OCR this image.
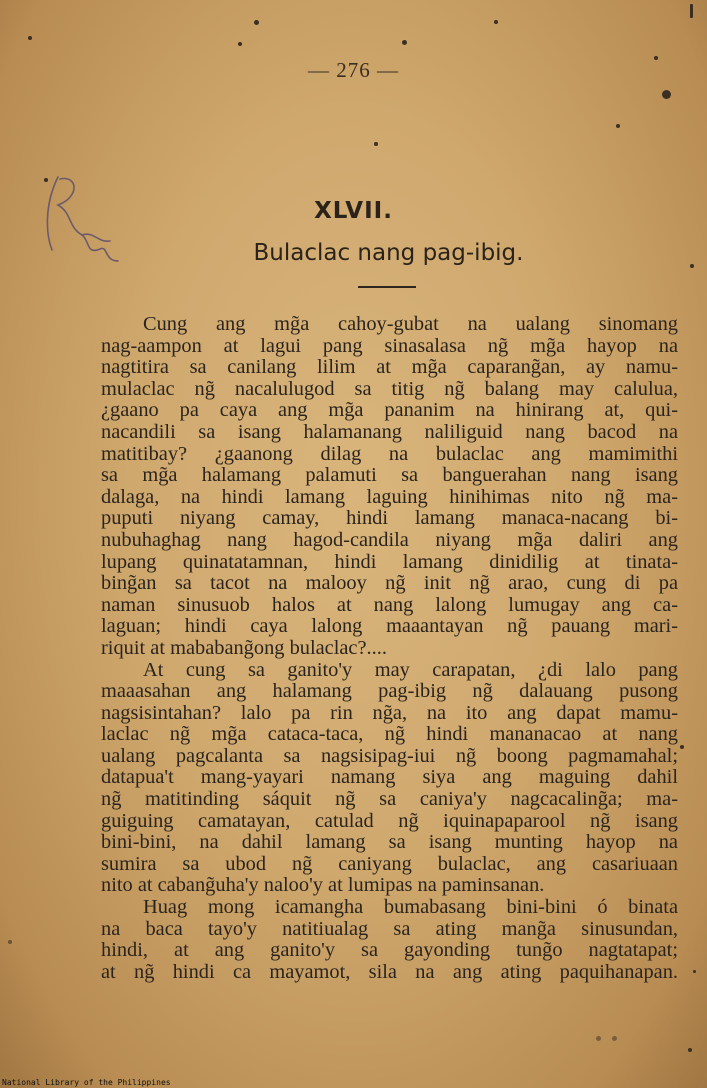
— 276 —
XLVII.
Bulaclac nang pag-ibig.
Cung ang mg̃a cahoy-gubat na ualang sinomang
nag-aampon at lagui pang sinasalasa ng̃ mg̃a hayop na
nagtitira sa canilang lilim at mg̃a caparang̃an, ay namu-
mulaclac ng̃ nacalulugod sa titig ng̃ balang may calulua,
¿gaano pa caya ang mg̃a pananim na hinirang at, qui-
nacandili sa isang halamanang naliliguid nang bacod na
matitibay? ¿gaanong dilag na bulaclac ang mamimithi
sa mg̃a halamang palamuti sa banguerahan nang isang
dalaga, na hindi lamang laguing hinihimas nito ng̃ ma-
puputi niyang camay, hindi lamang manaca-nacang bi-
nubuhaghag nang hagod-candila niyang mg̃a daliri ang
lupang quinatatamnan, hindi lamang dinidilig at tinata-
bing̃an sa tacot na malooy ng̃ init ng̃ arao, cung di pa
naman sinusuob halos at nang lalong lumugay ang ca-
laguan; hindi caya lalong maaantayan ng̃ pauang mari-
riquit at mababang̃ong bulaclac?....
At cung sa ganito'y may carapatan, ¿di lalo pang
maaasahan ang halamang pag-ibig ng̃ dalauang pusong
nagsisintahan? lalo pa rin ng̃a, na ito ang dapat mamu-
laclac ng̃ mg̃a cataca-taca, ng̃ hindi mananacao at nang
ualang pagcalanta sa nagsisipag-iui ng̃ boong pagmamahal;
datapua't mang-yayari namang siya ang maguing dahil
ng̃ matitinding sáquit ng̃ sa caniya'y nagcacaling̃a; ma-
guiguing camatayan, catulad ng̃ iquinapaparool ng̃ isang
bini-bini, na dahil lamang sa isang munting hayop na
sumira sa ubod ng̃ caniyang bulaclac, ang casariuaan
nito at cabang̃uha'y naloo'y at lumipas na paminsanan.
Huag mong icamangha bumabasang bini-bini ó binata
na baca tayo'y natitiualag sa ating mang̃a sinusundan,
hindi, at ang ganito'y sa gayonding tung̃o nagtatapat;
at ng̃ hindi ca mayamot, sila na ang ating paquihanapan.
National Library of the Philippines
